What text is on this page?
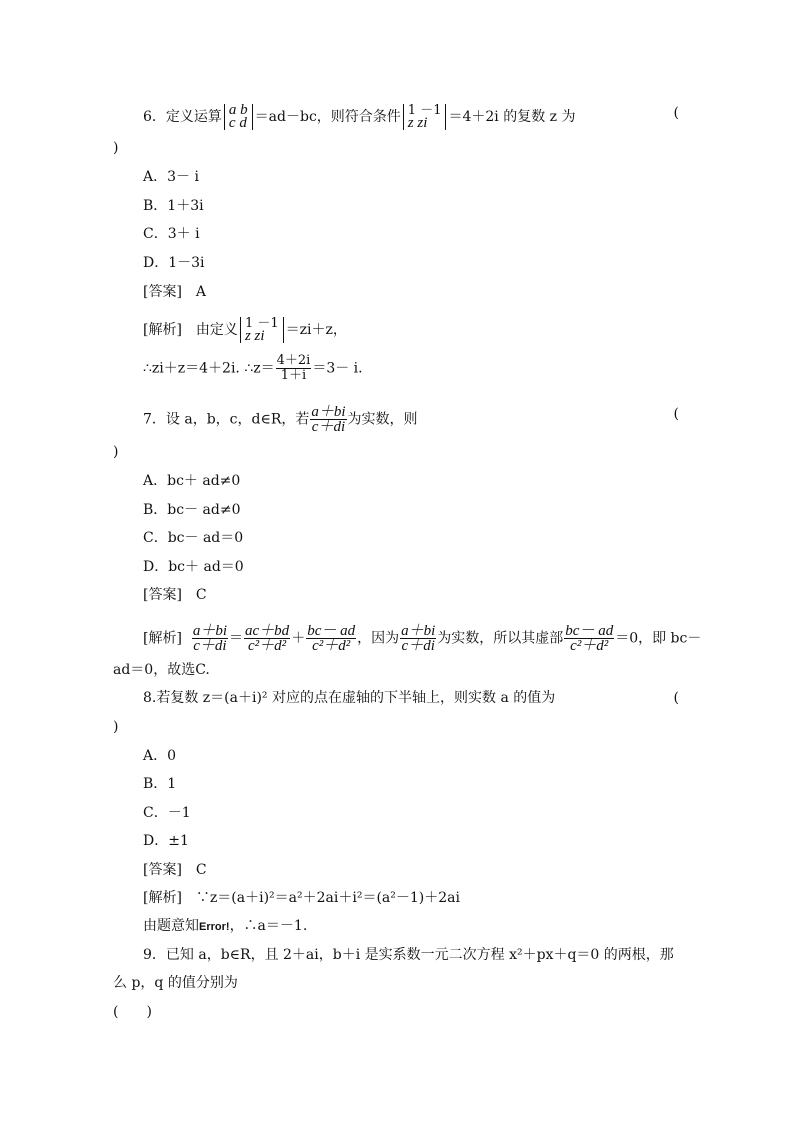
6．定义运算 a b
c d ＝ad－bc，则符合条件 1 －1
z zi	＝4＋2i 的复数 z 为	(
)
A．3－ i
B．1＋3i
C．3＋ i
D．1－3i
[答案]　A
[解析]　由定义 1 －1
z zi	＝zi＋z，
∴zi＋z＝4＋2i. ∴z＝ $\frac{4+2i}{1+i} =3- i$.
7．设 a，b，c，d∈R，若 $\frac{a+bi}{c+di}$ 为实数，则	(
)
A．bc＋ ad≠0
B．bc－ ad≠0
C．bc－ ad＝0
D．bc＋ ad＝0
[答案]　C
[解析] $\frac{a+bi}{c+di} = \frac{ac+bd}{\text{c²＋d²}} + \frac{bc- ad}{\text{c²＋d²}}$ ，因为 $\frac{a+bi}{c+di}$ 为实数，所以其虚部 $\frac{bc- ad}{\text{c²＋d²}} =0$，即 bc－
ad＝0，故选C.
8.若复数 z＝(a＋i)² 对应的点在虚轴的下半轴上，则实数 a 的值为	(
)
A．0
B．1
C．－1
D．±1
[答案]　C
[解析]　∵z＝(a＋i)²＝a²＋2ai＋i²＝(a²－1)＋2ai
由题意知Error!，∴a＝－1.
9．已知 a，b∈R，且 2＋ai，b＋i 是实系数一元二次方程 x²＋px＋q＝0 的两根，那
么 p，q 的值分别为
(　　)
